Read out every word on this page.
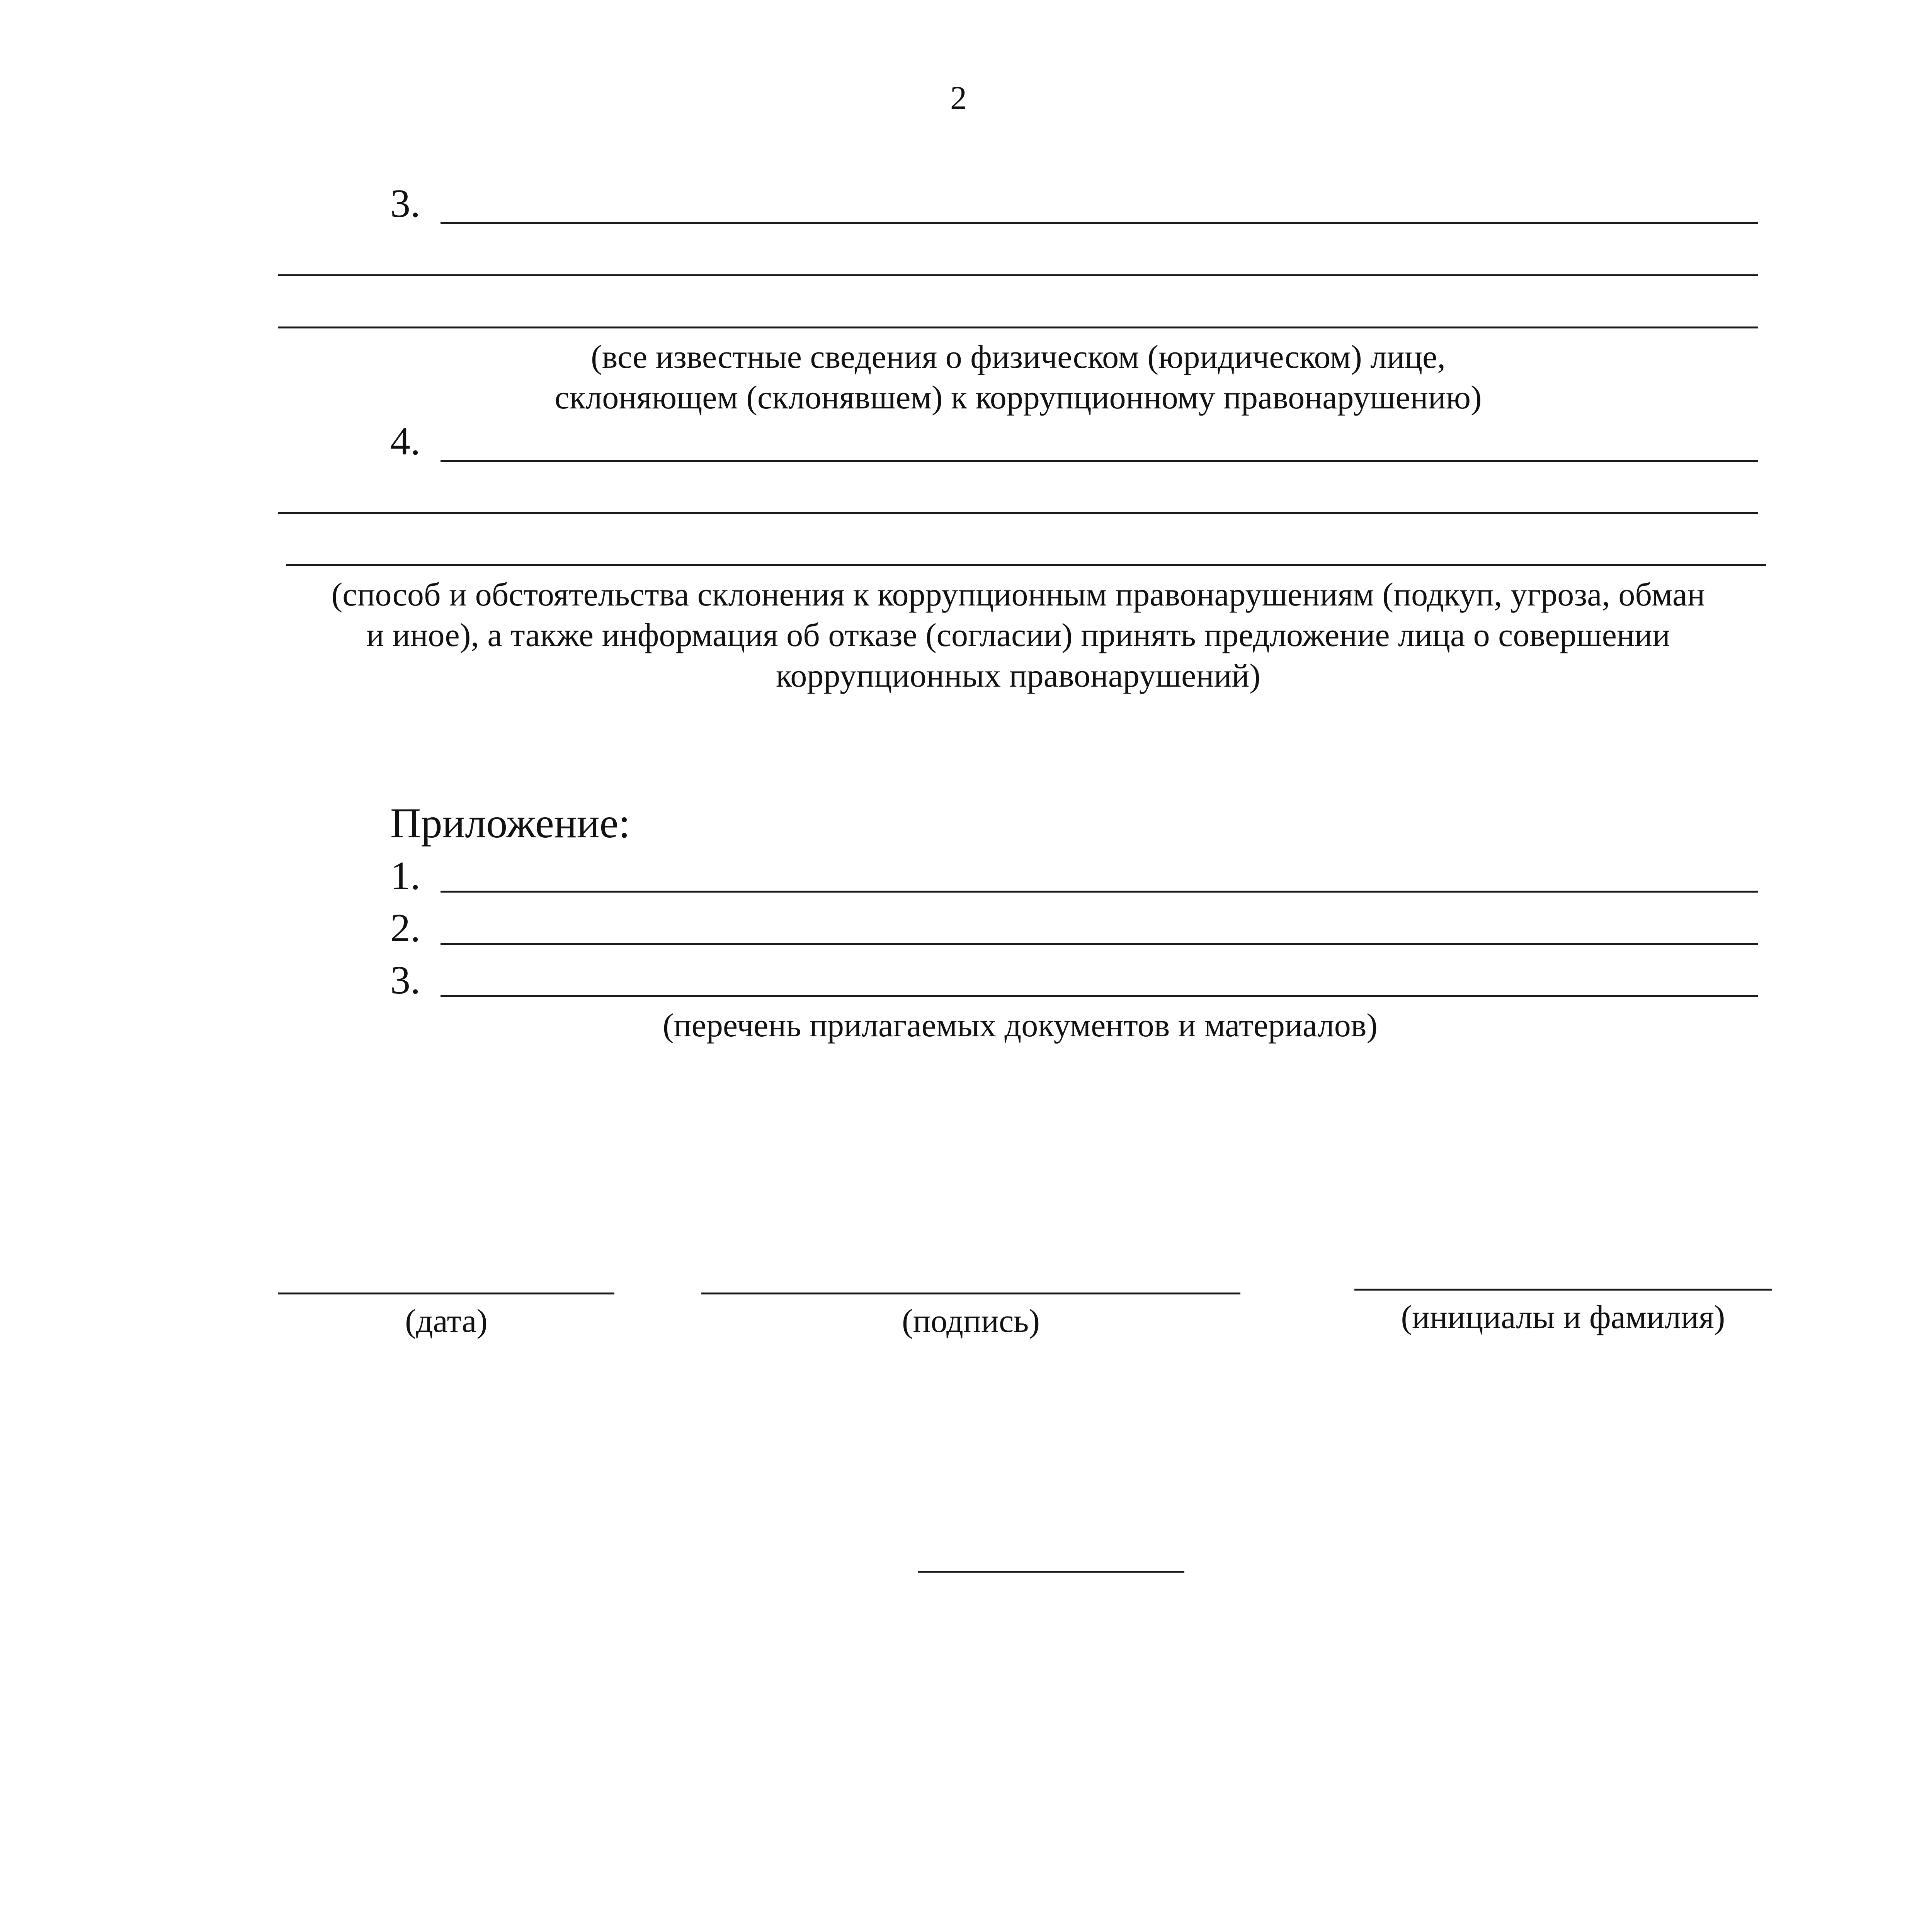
2
3.
(все известные сведения о физическом (юридическом) лице,
склоняющем (склонявшем) к коррупционному правонарушению)
4.
(способ и обстоятельства склонения к коррупционным правонарушениям (подкуп, угроза, обман
и иное), а также информация об отказе (согласии) принять предложение лица о совершении
коррупционных правонарушений)
Приложение:
1.
2.
3.
(перечень прилагаемых документов и материалов)
(дата)	(подпись)	(инициалы и фамилия)
